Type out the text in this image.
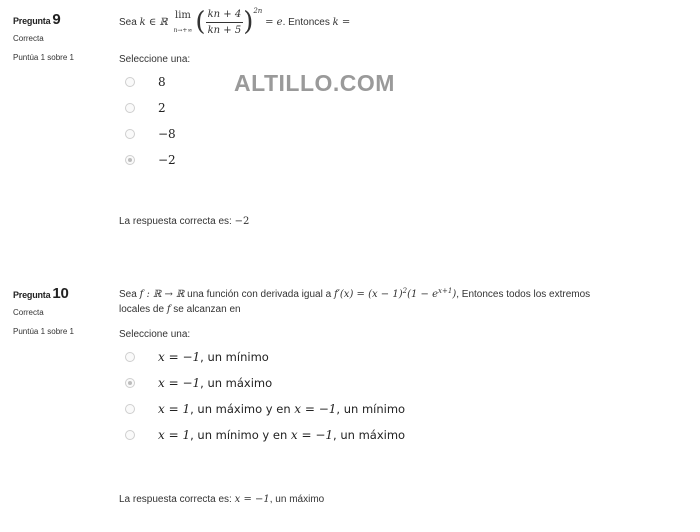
ALTILLO.COM
Pregunta 9
Correcta
Puntúa 1 sobre 1
Sea k ∈ ℝ
lim
n→+∞ ( $\frac{kn + 4}{kn + 5} )^{2n} = e$. Entonces k =
Seleccione una:
8
2
−8
−2
La respuesta correcta es: −2
Pregunta 10
Correcta
Puntúa 1 sobre 1
Sea f : ℝ → ℝ una función con derivada igual a $f'(x) = (x - 1)^2(1 - e^{x+1})$, Entonces todos los extremos
locales de f se alcanzan en
Seleccione una:
x = −1, un mínimo
x = −1, un máximo
x = 1, un máximo y en x = −1, un mínimo
x = 1, un mínimo y en x = −1, un máximo
La respuesta correcta es: x = −1, un máximo
